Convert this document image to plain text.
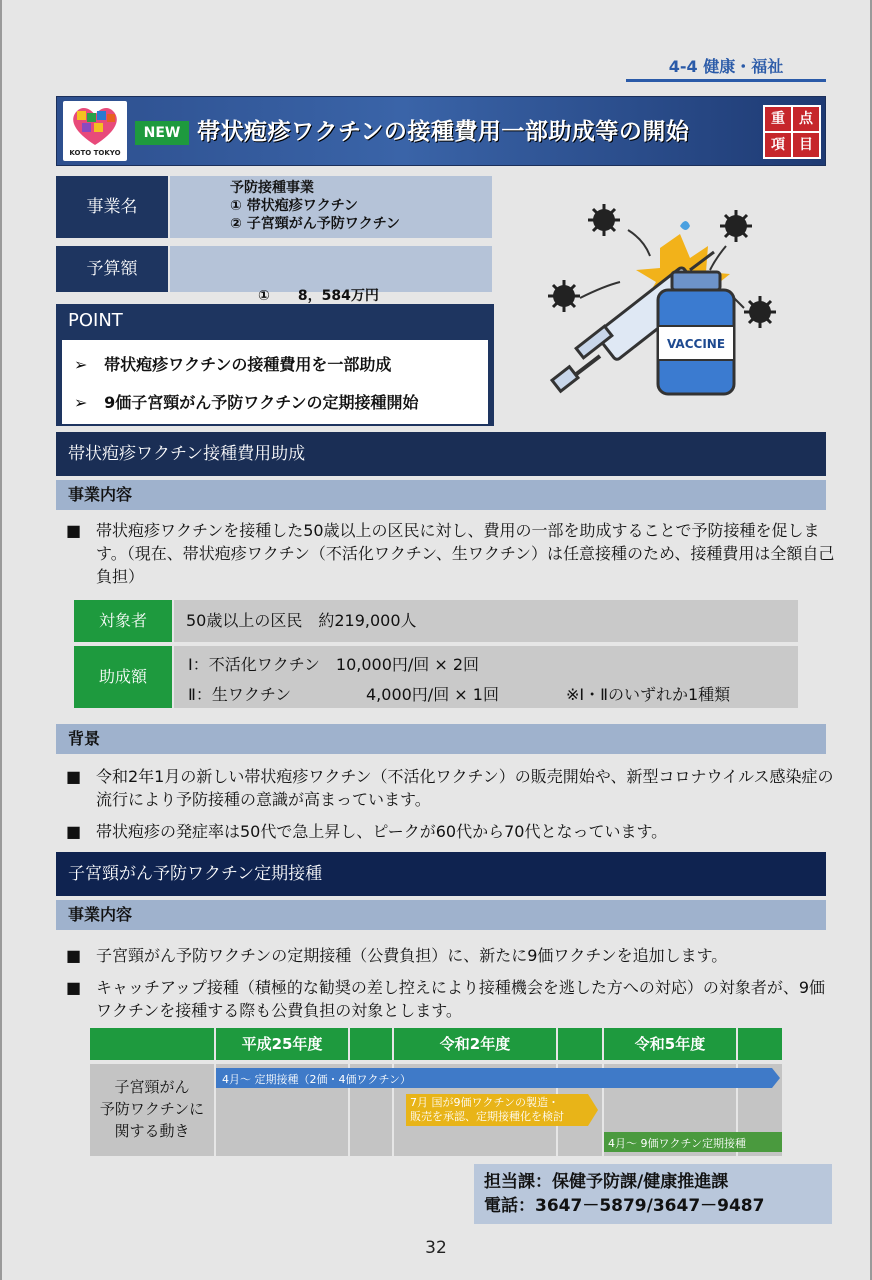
4-4 健康・福祉
KOTO TOKYO
NEW 帯状疱疹ワクチンの接種費用一部助成等の開始	重	点
項	目
事業名
予防接種事業
① 帯状疱疹ワクチン
② 子宮頸がん予防ワクチン
予算額

①　　8，584万円

POINT
➢ 帯状疱疹ワクチンの接種費用を一部助成
➢ 9価子宮頸がん予防ワクチンの定期接種開始
VACCINE
帯状疱疹ワクチン接種費用助成
事業内容
■ 帯状疱疹ワクチンを接種した50歳以上の区民に対し、費用の一部を助成することで予防接種を促します。（現在、帯状疱疹ワクチン（不活化ワクチン、生ワクチン）は任意接種のため、接種費用は全額自己負担）
対象者	50歳以上の区民　約219,000人
助成額
Ⅰ：不活化ワクチン　10,000円/回 × 2回
Ⅱ：生ワクチン	4,000円/回 × 1回	※Ⅰ・Ⅱのいずれか1種類
背景
■ 令和2年1月の新しい帯状疱疹ワクチン（不活化ワクチン）の販売開始や、新型コロナウイルス感染症の流行により予防接種の意識が高まっています。
■ 帯状疱疹の発症率は50代で急上昇し、ピークが60代から70代となっています。
子宮頸がん予防ワクチン定期接種
事業内容
■ 子宮頸がん予防ワクチンの定期接種（公費負担）に、新たに9価ワクチンを追加します。
■ キャッチアップ接種（積極的な勧奨の差し控えにより接種機会を逃した方への対応）の対象者が、9価ワクチンを接種する際も公費負担の対象とします。
平成25年度	令和2年度	令和5年度
子宮頸がん
予防ワクチンに
関する動き
4月～ 定期接種（2価・4価ワクチン）
7月 国が9価ワクチンの製造・
販売を承認、定期接種化を検討
4月～ 9価ワクチン定期接種
担当課：保健予防課/健康推進課
電話：3647－5879/3647－9487
32
